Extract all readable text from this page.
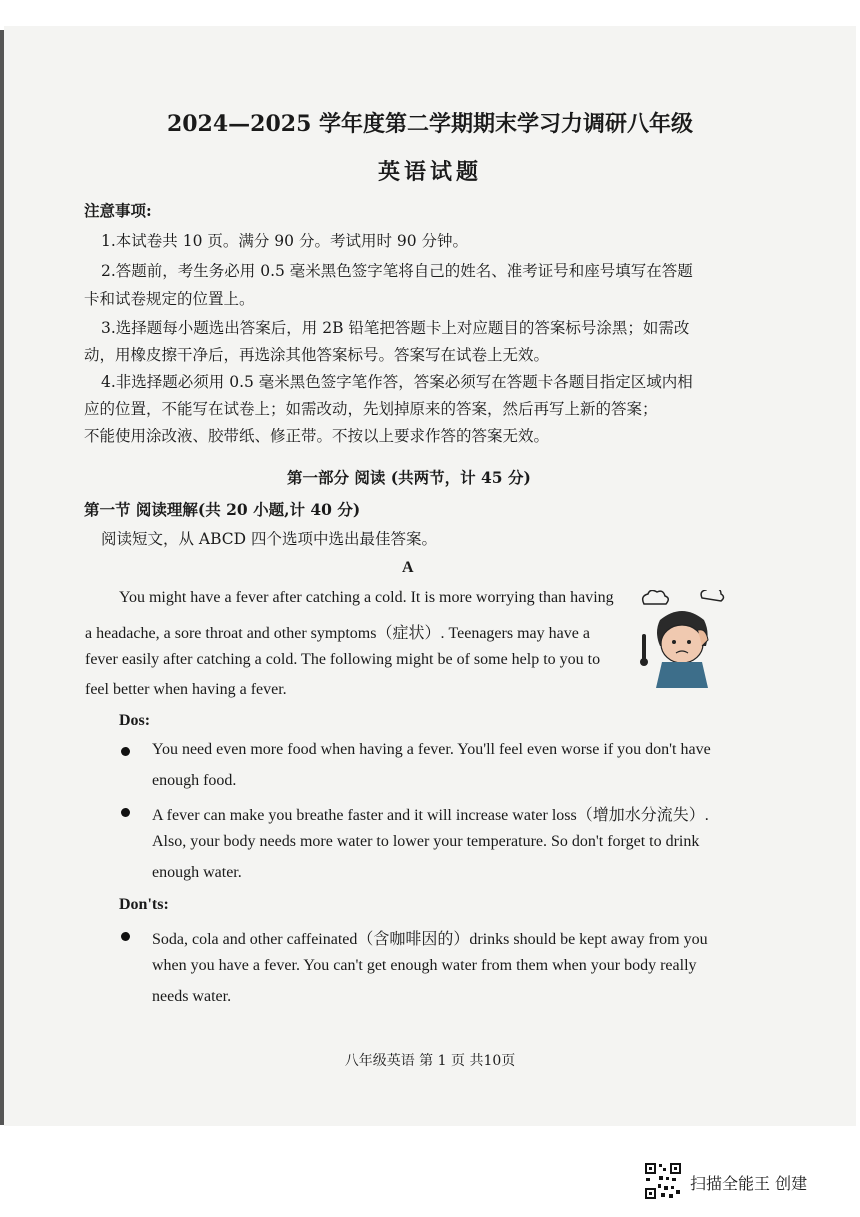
2024—2025 学年度第二学期期末学习力调研八年级
英语试题
注意事项:
1.本试卷共 10 页。满分 90 分。考试用时 90 分钟。
2.答题前，考生务必用 0.5 毫米黑色签字笔将自己的姓名、准考证号和座号填写在答题
卡和试卷规定的位置上。
3.选择题每小题选出答案后，用 2B 铅笔把答题卡上对应题目的答案标号涂黑；如需改
动，用橡皮擦干净后，再选涂其他答案标号。答案写在试卷上无效。
4.非选择题必须用 0.5 毫米黑色签字笔作答，答案必须写在答题卡各题目指定区域内相
应的位置，不能写在试卷上；如需改动，先划掉原来的答案，然后再写上新的答案；
不能使用涂改液、胶带纸、修正带。不按以上要求作答的答案无效。
第一部分 阅读 (共两节，计 45 分)
第一节 阅读理解(共 20 小题,计 40 分)
阅读短文，从 ABCD 四个选项中选出最佳答案。
A
You might have a fever after catching a cold. It is more worrying than having
a headache, a sore throat and other symptoms（症状）. Teenagers may have a
fever easily after catching a cold. The following might be of some help to you to
feel better when having a fever.
Dos:
You need even more food when having a fever. You'll feel even worse if you don't have
enough food.
A fever can make you breathe faster and it will increase water loss（增加水分流失）.
Also, your body needs more water to lower your temperature. So don't forget to drink
enough water.
Don'ts:
Soda, cola and other caffeinated（含咖啡因的）drinks should be kept away from you
when you have a fever. You can't get enough water from them when your body really
needs water.
八年级英语 第 1 页 共10页
扫描全能王 创建
